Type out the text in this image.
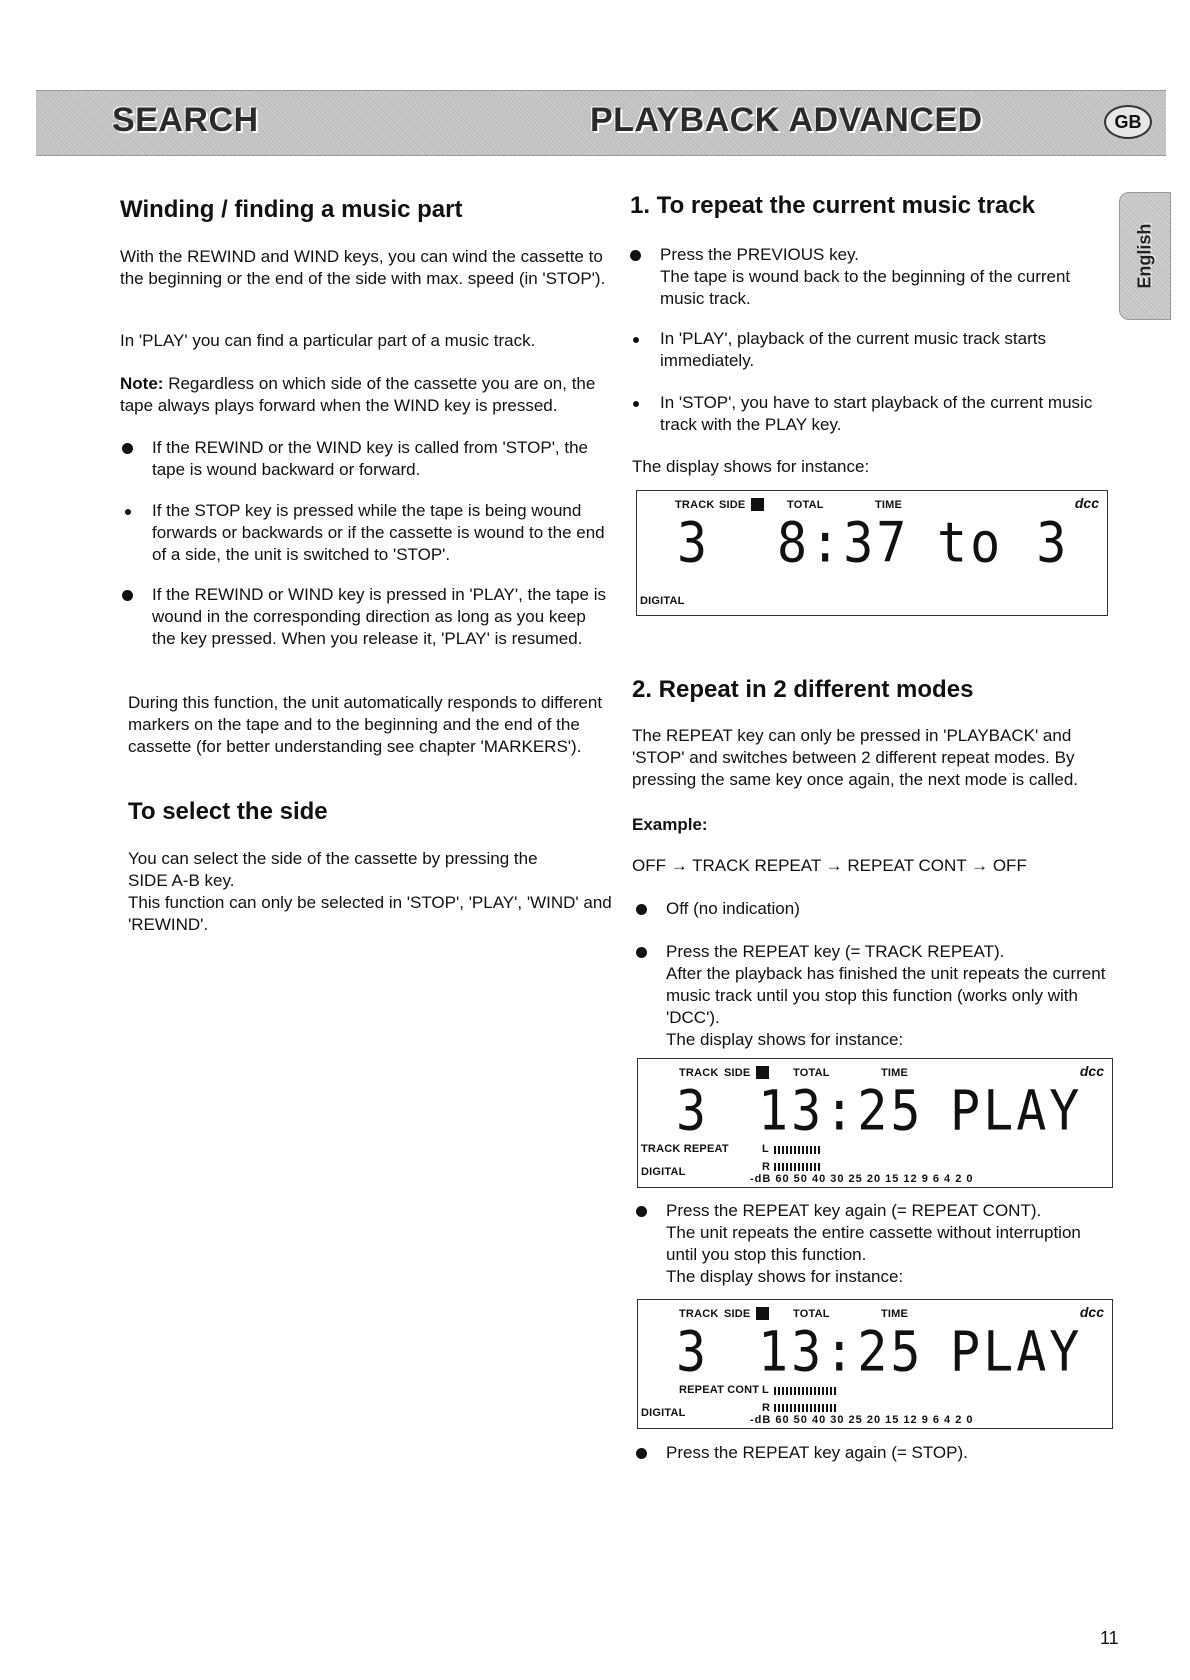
SEARCH	PLAYBACK ADVANCED	GB
English
Winding / finding a music part

With the REWIND and WIND keys, you can wind the cassette to the beginning or the end of the side with max. speed (in 'STOP').

In 'PLAY' you can find a particular part of a music track.

Note: Regardless on which side of the cassette you are on, the tape always plays forward when the WIND key is pressed.
If the REWIND or the WIND key is called from 'STOP', the tape is wound backward or forward.
If the STOP key is pressed while the tape is being wound forwards or backwards or if the cassette is wound to the end of a side, the unit is switched to 'STOP'.
If the REWIND or WIND key is pressed in 'PLAY', the tape is wound in the corresponding direction as long as you keep the key pressed. When you release it, 'PLAY' is resumed.

During this function, the unit automatically responds to different markers on the tape and to the beginning and the end of the cassette (for better understanding see chapter 'MARKERS').

To select the side
You can select the side of the cassette by pressing the
SIDE A-B key.
This function can only be selected in 'STOP', 'PLAY', 'WIND' and 'REWIND'.
1. To repeat the current music track
Press the PREVIOUS key.
The tape is wound back to the beginning of the current music track.
In 'PLAY', playback of the current music track starts immediately.
In 'STOP', you have to start playback of the current music track with the PLAY key.

The display shows for instance:

TRACK SIDE	TOTAL	TIME	dcc
3 8:37 to 3
DIGITAL
2. Repeat in 2 different modes

The REPEAT key can only be pressed in 'PLAYBACK' and 'STOP' and switches between 2 different repeat modes. By pressing the same key once again, the next mode is called.

Example:

OFF → TRACK REPEAT → REPEAT CONT → OFF

Off (no indication)
Press the REPEAT key (= TRACK REPEAT).
After the playback has finished the unit repeats the current music track until you stop this function (works only with 'DCC').
The display shows for instance:
TRACK SIDE	TOTAL	TIME	dcc
3 13:25 PLAY
TRACK REPEAT	L
R
DIGITAL
-dB 60 50 40 30 25 20 15 12 9 6 4 2 0
Press the REPEAT key again (= REPEAT CONT).
The unit repeats the entire cassette without interruption until you stop this function.
The display shows for instance:
TRACK SIDE	TOTAL	TIME	dcc
3 13:25 PLAY
REPEAT CONT L
R
DIGITAL
-dB 60 50 40 30 25 20 15 12 9 6 4 2 0
Press the REPEAT key again (= STOP).
11
